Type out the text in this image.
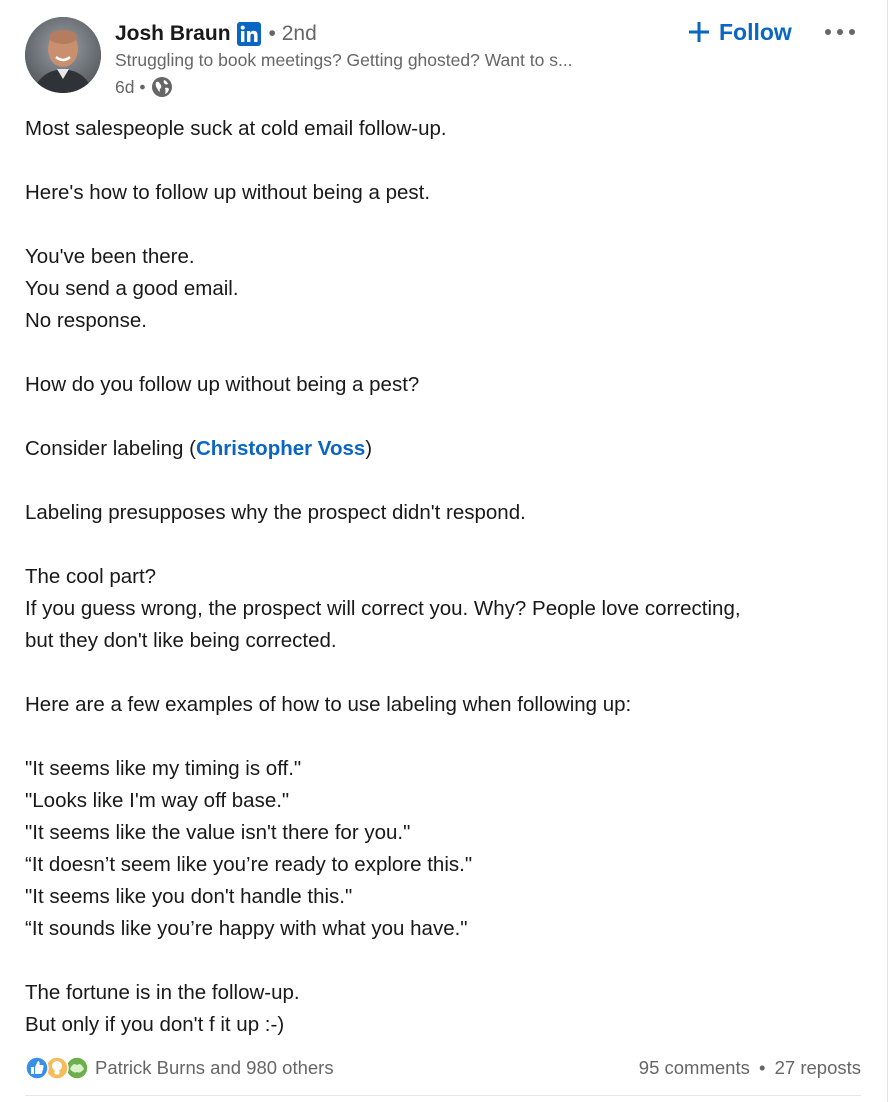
Josh Braun • 2nd
Struggling to book meetings? Getting ghosted? Want to s...
6d •
Follow
Most salespeople suck at cold email follow-up.
Here's how to follow up without being a pest.
You've been there.
You send a good email.
No response.
How do you follow up without being a pest?
Consider labeling (Christopher Voss)
Labeling presupposes why the prospect didn't respond.
The cool part?
If you guess wrong, the prospect will correct you. Why? People love correcting,
but they don't like being corrected.
Here are a few examples of how to use labeling when following up:
"It seems like my timing is off."
"Looks like I'm way off base."
"It seems like the value isn't there for you."
“It doesn’t seem like you’re ready to explore this."
"It seems like you don't handle this."
“It sounds like you’re happy with what you have."
The fortune is in the follow-up.
But only if you don't f it up :-)
Patrick Burns and 980 others	95 comments • 27 reposts
